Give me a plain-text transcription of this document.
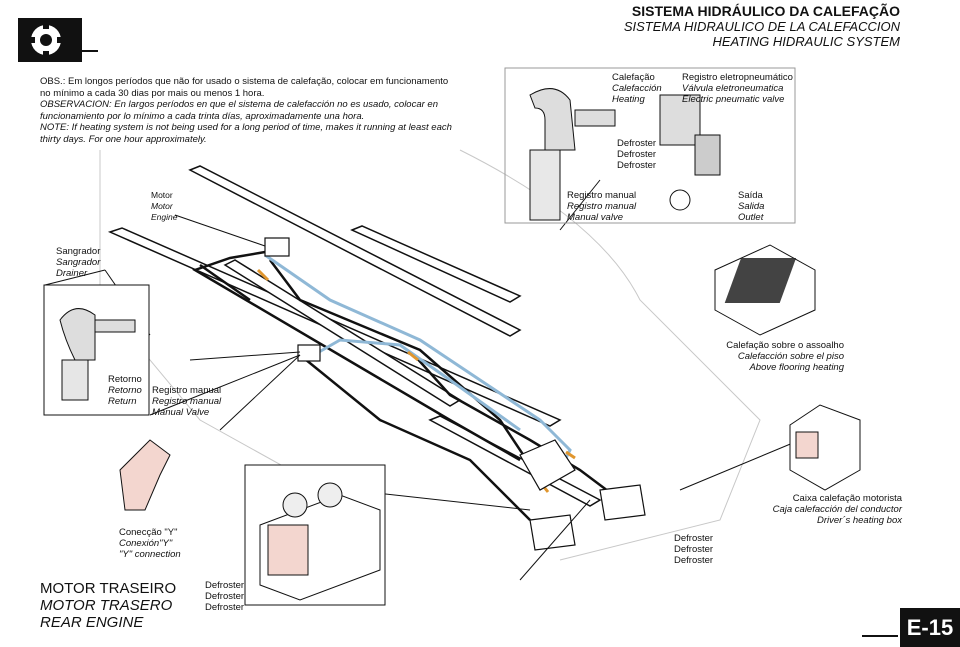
SISTEMA HIDRÁULICO DA CALEFAÇÃO
SISTEMA HIDRAULICO DE LA CALEFACCION
HEATING HIDRAULIC SYSTEM

OBS.: Em longos períodos que não for usado o sistema de calefação, colocar em funcionamento no mínimo a cada 30 dias por mais ou menos 1 hora.

OBSERVACION: En largos períodos en que el sistema de calefacción no es usado, colocar en funcionamiento por lo mínimo a cada trinta días, aproximadamente una hora.

NOTE: If heating system is not being used for a long period of time, makes it running at least each thirty days. For one hour approximately.

Calefação
Calefacción
Heating
Registro eletropneumático
Válvula eletroneumatica
Electric pneumatic valve
Defroster
Defroster
Defroster
Registro manual
Registro manual
Manual valve
Saída
Salida
Outlet
Motor
Motor
Engine
Sangrador
Sangrador
Drainer
Calefação sobre o assoalho
Calefacción sobre el piso
Above flooring heating
Retorno
Retorno
Return
Registro manual
Registro manual
Manual Valve
Caixa calefação motorista
Caja calefacción del conductor
Driver´s heating box
Conecção "Y"
Conexión"Y"
"Y" connection
Defroster
Defroster
Defroster
Defroster
Defroster
Defroster
MOTOR TRASEIRO
MOTOR TRASERO
REAR ENGINE	E-15
